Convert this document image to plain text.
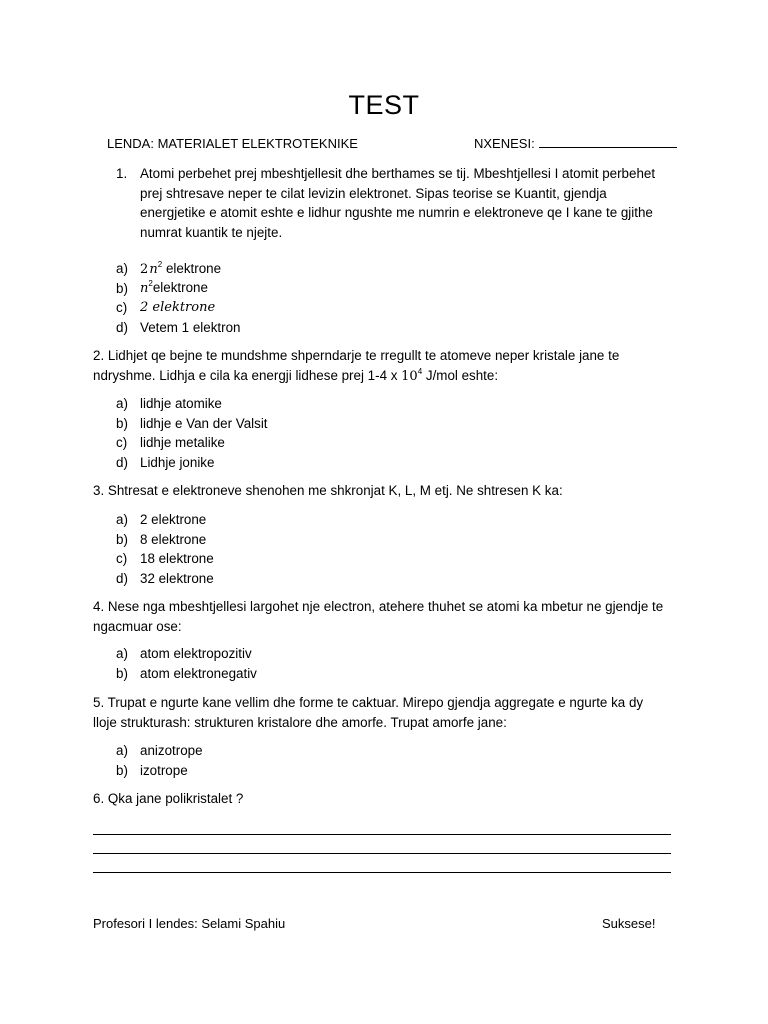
TEST
LENDA: MATERIALET ELEKTROTEKNIKE	NXENESI:
1. Atomi perbehet prej mbeshtjellesit dhe berthames se tij. Mbeshtjellesi I atomit perbehet prej shtresave neper te cilat levizin elektronet. Sipas teorise se Kuantit, gjendja energjetike e atomit eshte e lidhur ngushte me numrin e elektroneve qe I kane te gjithe numrat kuantik te njejte.
a) 2 $n^2$ elektrone
b) $n^2elektrone$
c) 2 elektrone
d) Vetem 1 elektron
2. Lidhjet qe bejne te mundshme shperndarje te rregullt te atomeve neper kristale jane te ndryshme. Lidhja e cila ka energji lidhese prej 1-4 x $10^4$ J/mol eshte:
a) lidhje atomike
b) lidhje e Van der Valsit
c) lidhje metalike
d) Lidhje jonike
3. Shtresat e elektroneve shenohen me shkronjat K, L, M etj. Ne shtresen K ka:
a) 2 elektrone
b) 8 elektrone
c) 18 elektrone
d) 32 elektrone
4. Nese nga mbeshtjellesi largohet nje electron, atehere thuhet se atomi ka mbetur ne gjendje te ngacmuar ose:
a) atom elektropozitiv
b) atom elektronegativ
5. Trupat e ngurte kane vellim dhe forme te caktuar. Mirepo gjendja aggregate e ngurte ka dy lloje strukturash: strukturen kristalore dhe amorfe. Trupat amorfe jane:
a) anizotrope
b) izotrope
6. Qka jane polikristalet ?
Profesori I lendes: Selami Spahiu	Suksese!
